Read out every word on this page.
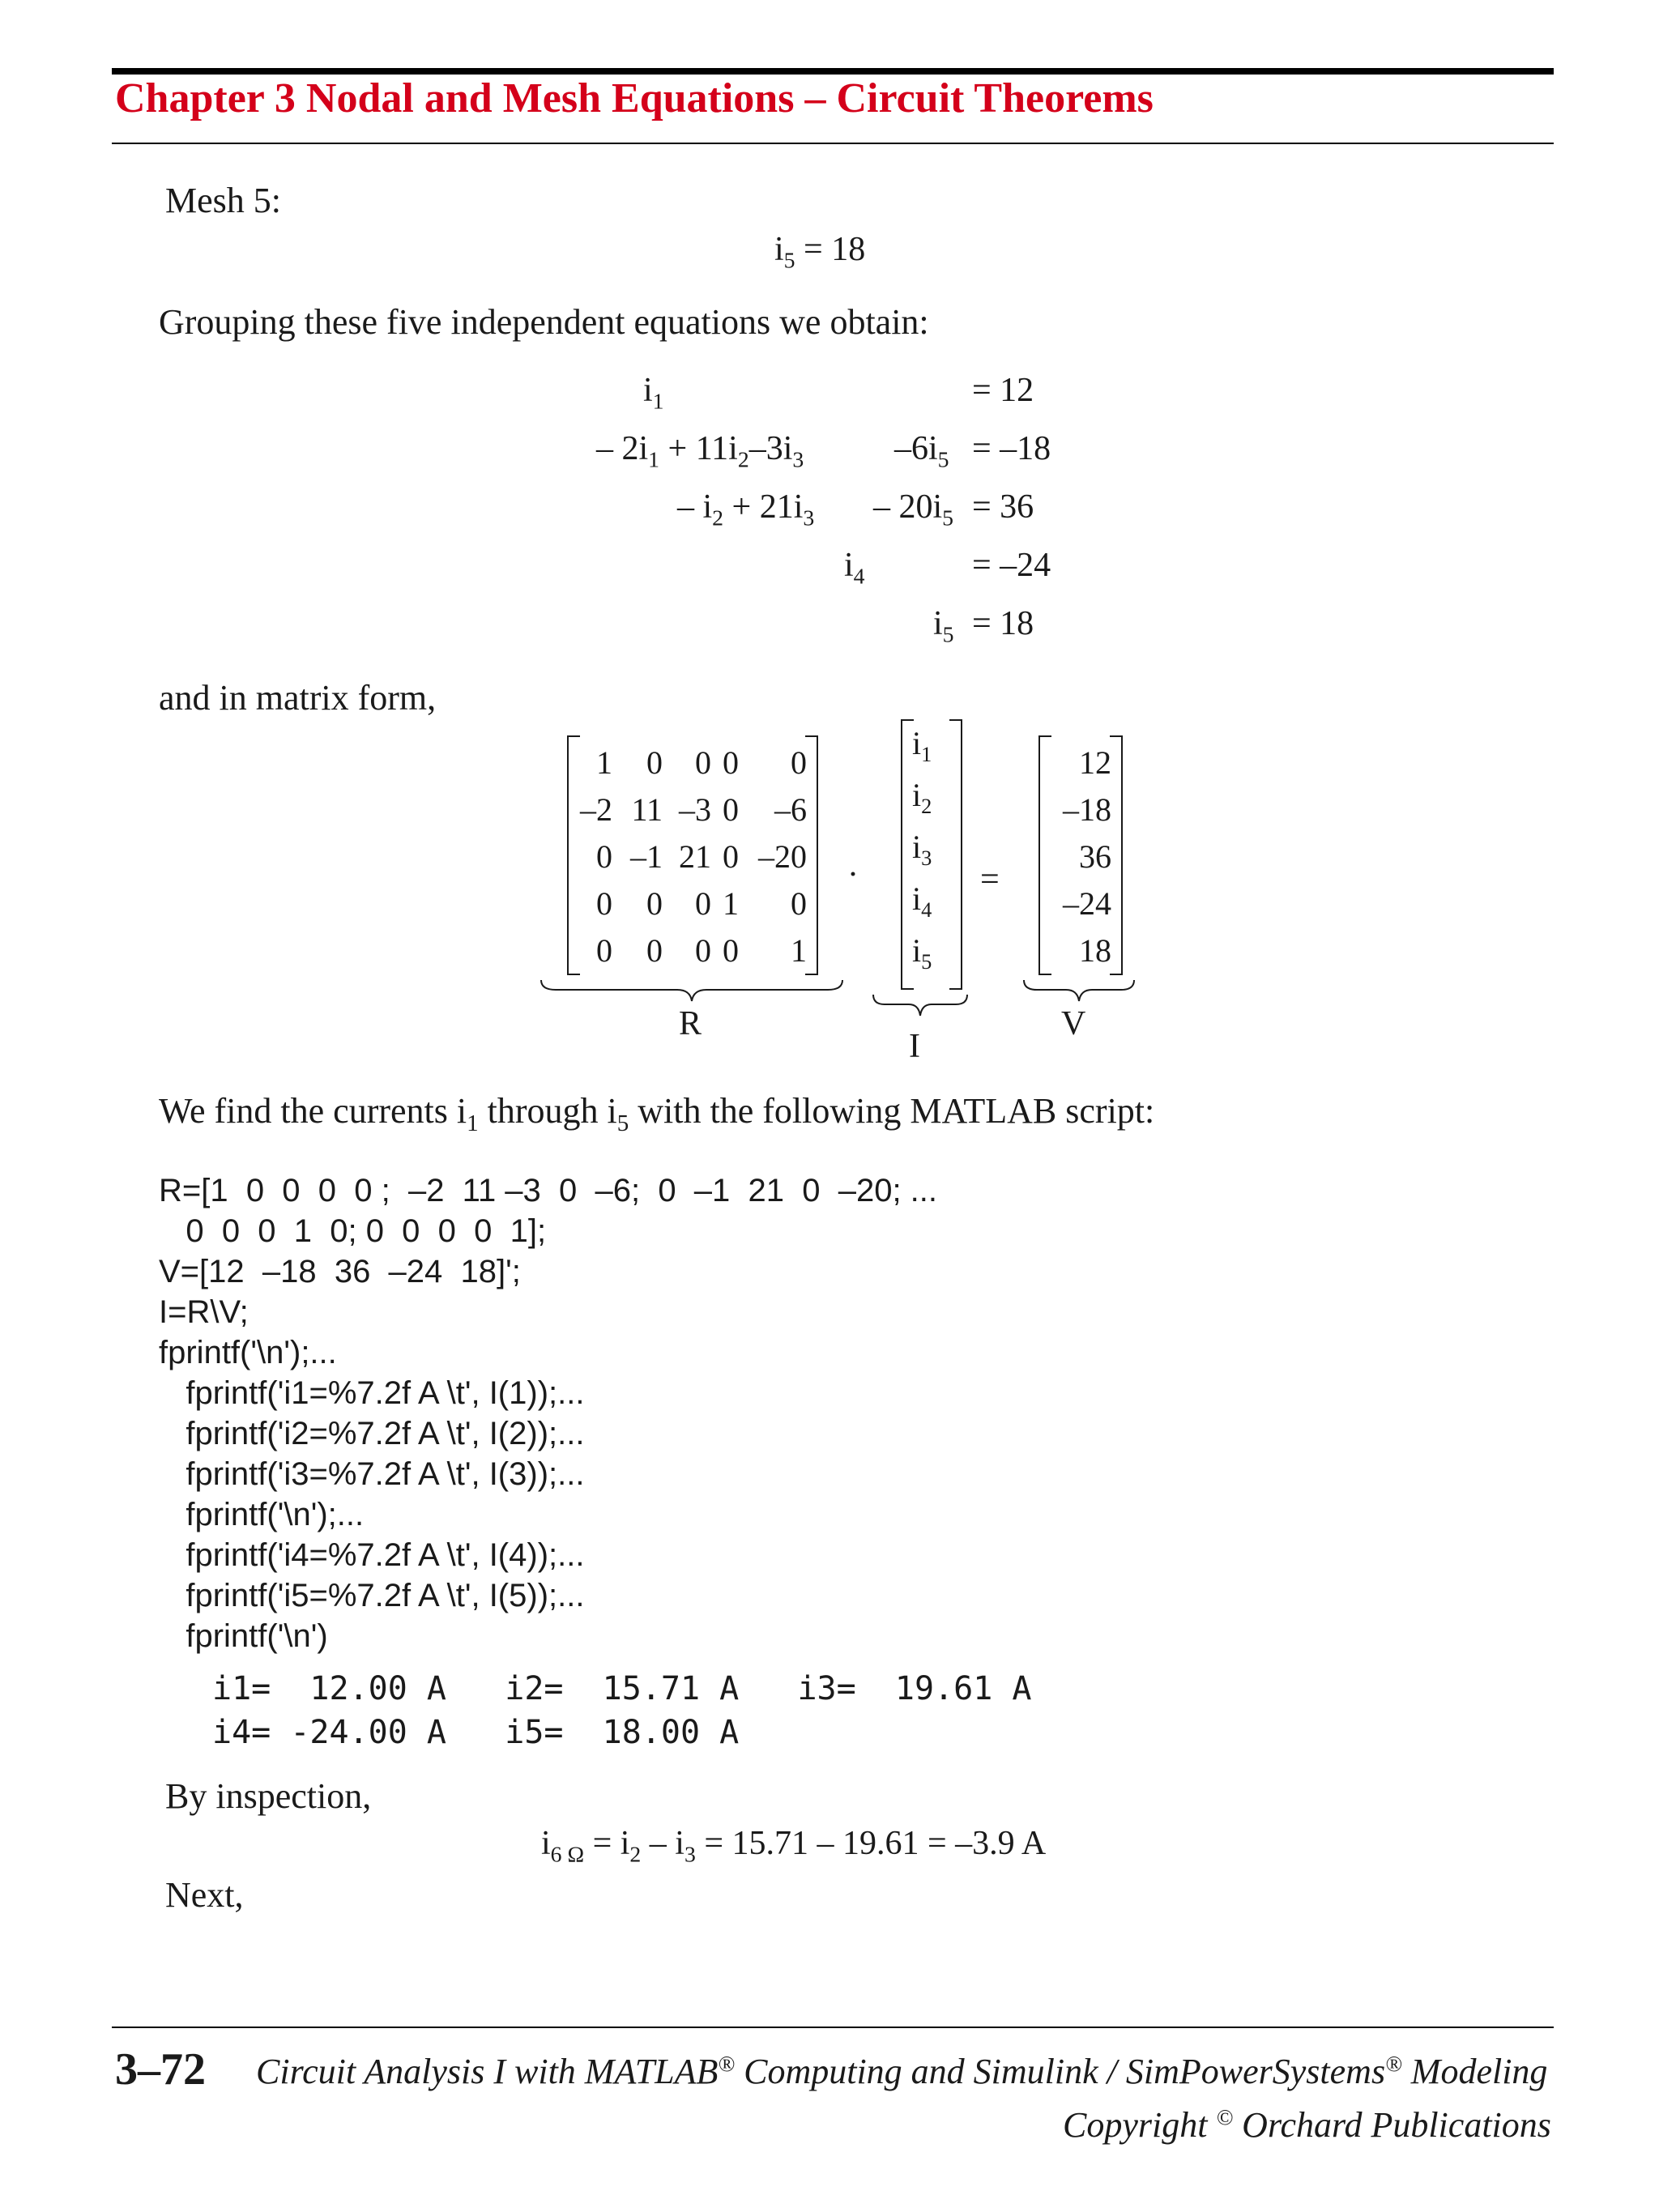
Chapter 3 Nodal and Mesh Equations – Circuit Theorems
Mesh 5:
$i_5 = 18$
Grouping these five independent equations we obtain:
$i_1$	= 12
– $2i_1 + 11i_2-3i_3$	$-6i_5 = -18$
– $i_2 + 21i_3 - 20i_5 = 36$
$i_4$	= –24
$i_5 = 18$
and in matrix form,
1 0 0 0 0
–2 11 –3 0 –6
0 –1 21 0 –20
0 0 0 1 0
0 0 0 0 1
R
·
$i_1$
$i_2$
$i_3$
$i_4$
$i_5$
I
=
12
–18
36
–24
18
V
We find the currents $i_1$ through $i_5$ with the following MATLAB script:
R=[1  0  0  0  0 ;  –2  11 –3  0  –6;  0  –1  21  0  –20; ...
0  0  0  1  0; 0  0  0  0  1];
V=[12  –18  36  –24  18]';
I=R\V;
fprintf('\n');...
fprintf('i1=%7.2f A \t', I(1));...
fprintf('i2=%7.2f A \t', I(2));...
fprintf('i3=%7.2f A \t', I(3));...
fprintf('\n');...
fprintf('i4=%7.2f A \t', I(4));...
fprintf('i5=%7.2f A \t', I(5));...
fprintf('\n')
i1=  12.00 A   i2=  15.71 A   i3=  19.61 A
i4= -24.00 A   i5=  18.00 A
By inspection,
$i_{6 \Omega} = i_2 - i_3 = 15.71 - 19.61 = -3.9$ A
Next,
3–72 Circuit Analysis I with MATLAB® Computing and Simulink / SimPowerSystems® Modeling
Copyright © Orchard Publications
